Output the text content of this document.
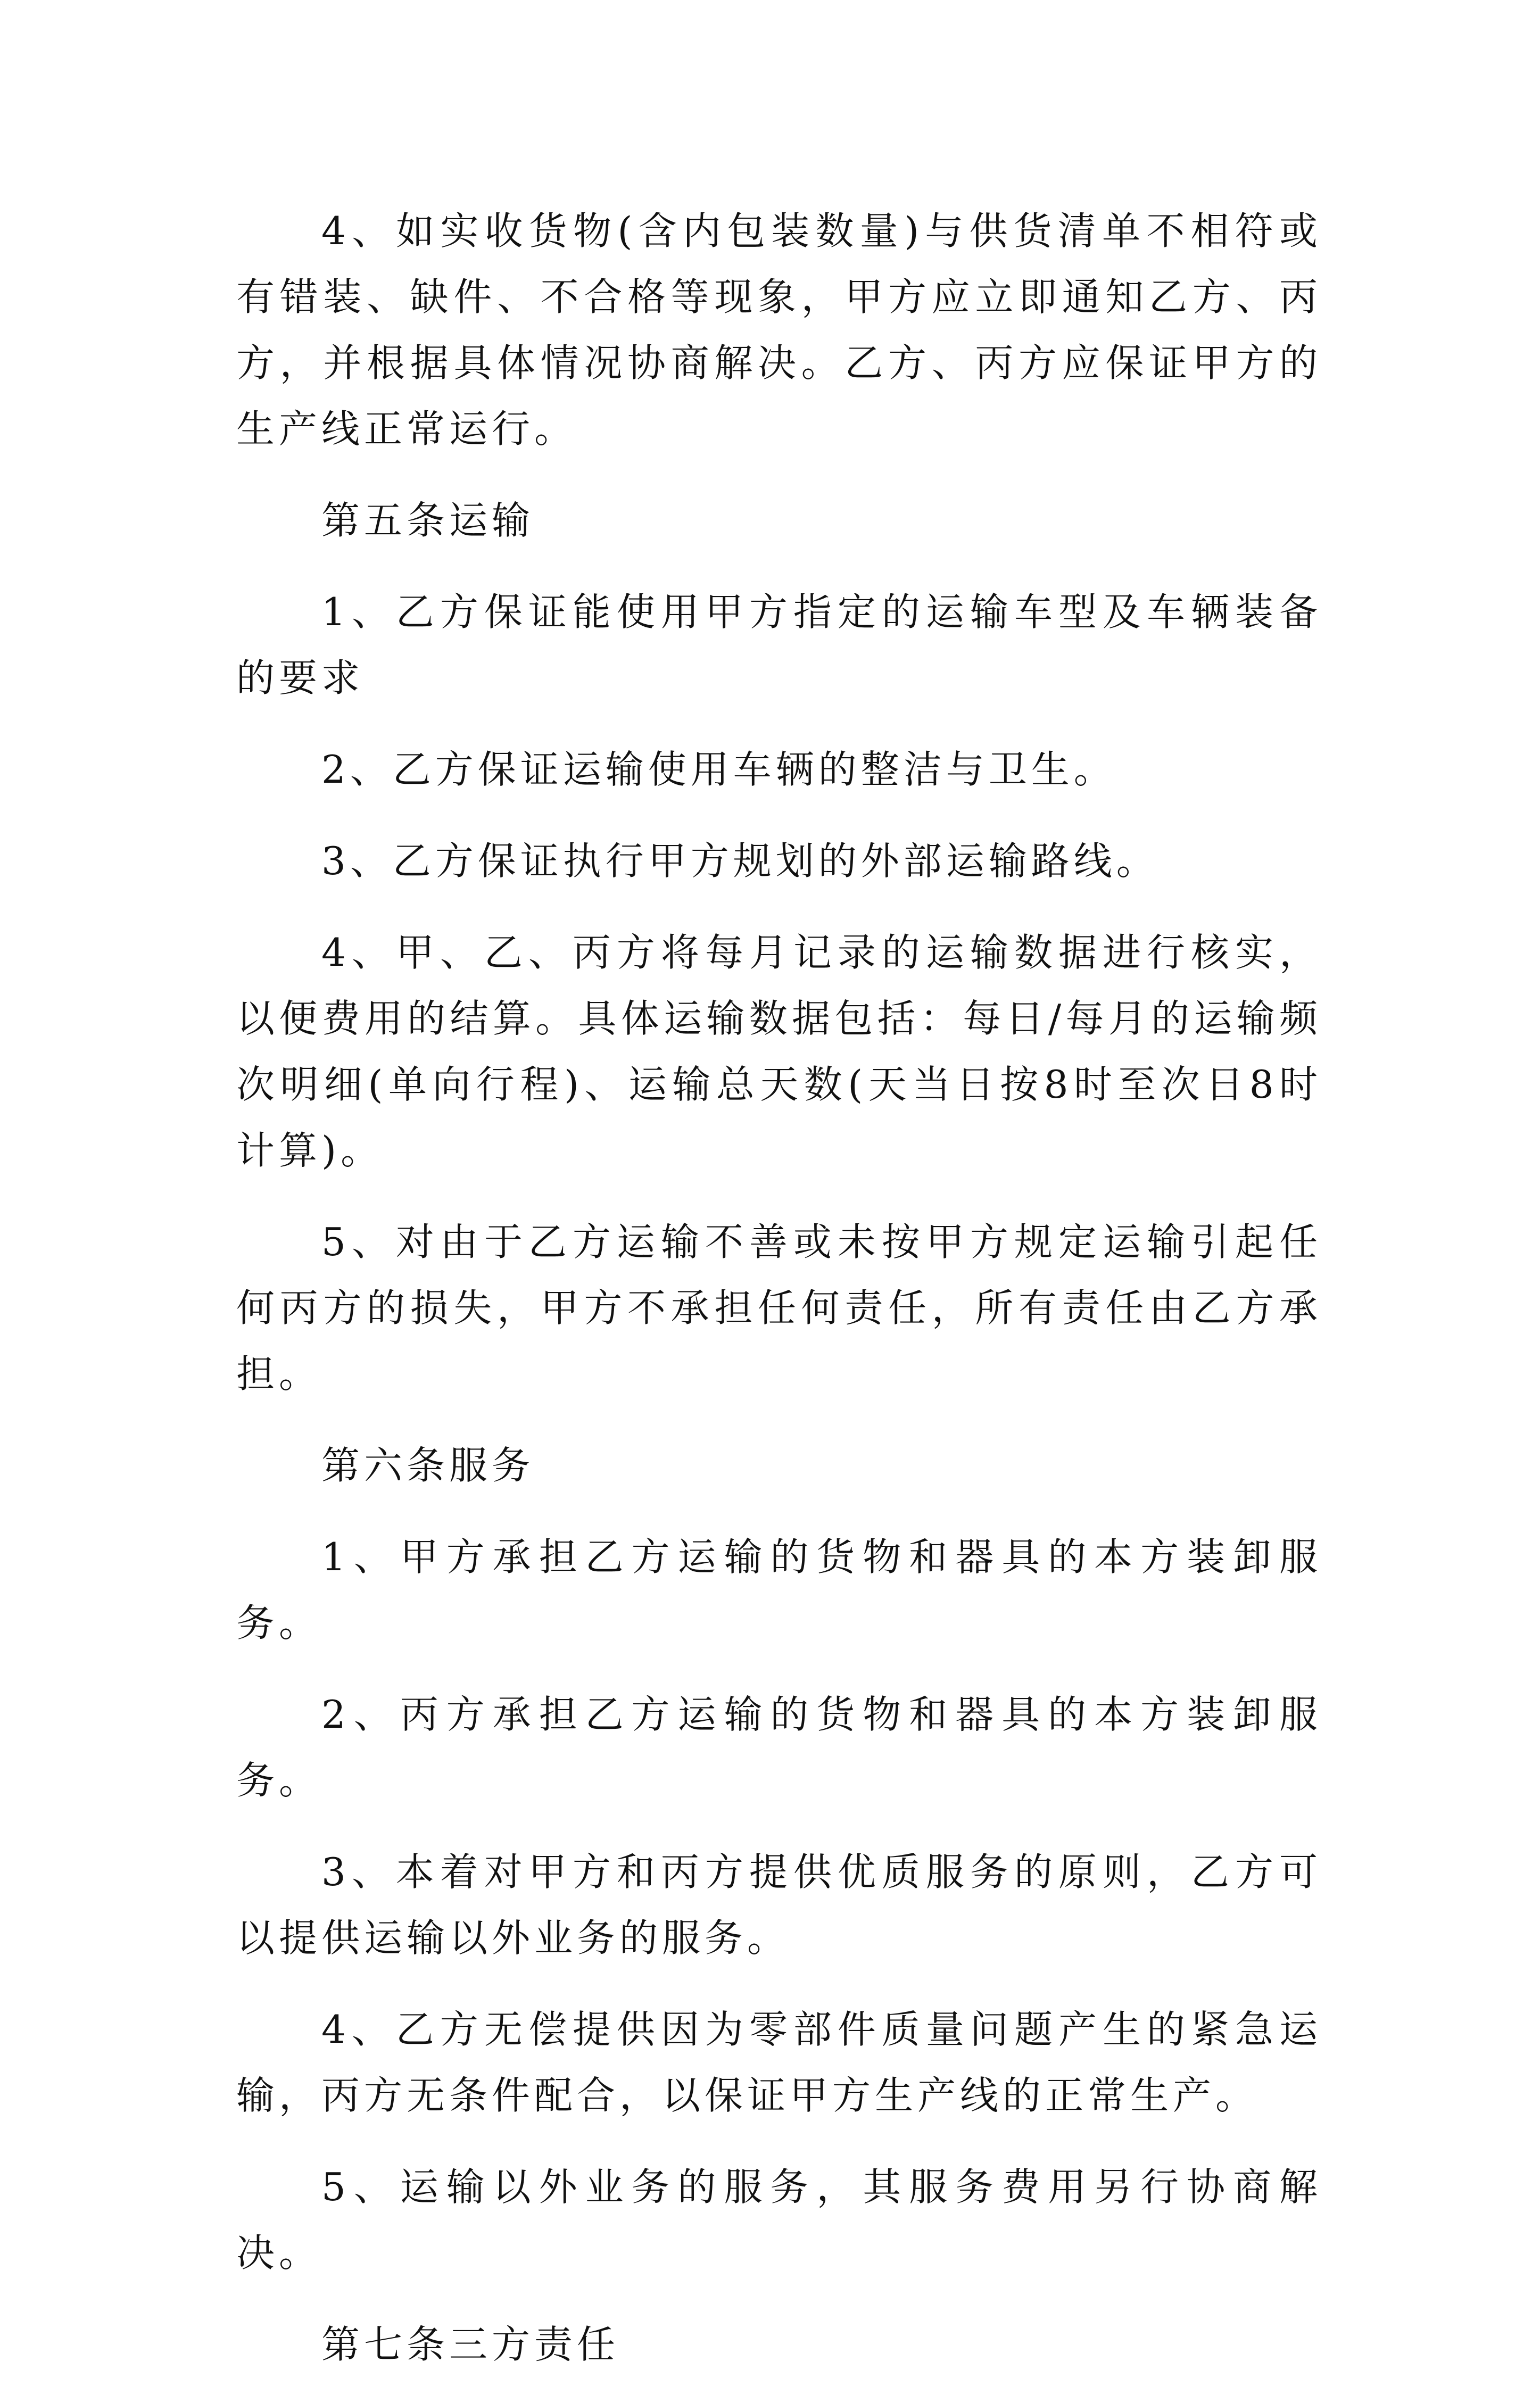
4、如实收货物(含内包装数量)与供货清单不相符或有错装、缺件、不合格等现象，甲方应立即通知乙方、丙方，并根据具体情况协商解决。乙方、丙方应保证甲方的生产线正常运行。

第五条运输

1、乙方保证能使用甲方指定的运输车型及车辆装备的要求

2、乙方保证运输使用车辆的整洁与卫生。

3、乙方保证执行甲方规划的外部运输路线。

4、甲、乙、丙方将每月记录的运输数据进行核实，以便费用的结算。具体运输数据包括：每日/每月的运输频次明细(单向行程)、运输总天数(天当日按8时至次日8时计算)。

5、对由于乙方运输不善或未按甲方规定运输引起任何丙方的损失，甲方不承担任何责任，所有责任由乙方承担。

第六条服务

1、甲方承担乙方运输的货物和器具的本方装卸服务。

2、丙方承担乙方运输的货物和器具的本方装卸服务。

3、本着对甲方和丙方提供优质服务的原则，乙方可以提供运输以外业务的服务。

4、乙方无偿提供因为零部件质量问题产生的紧急运输，丙方无条件配合，以保证甲方生产线的正常生产。

5、运输以外业务的服务，其服务费用另行协商解决。

第七条三方责任
